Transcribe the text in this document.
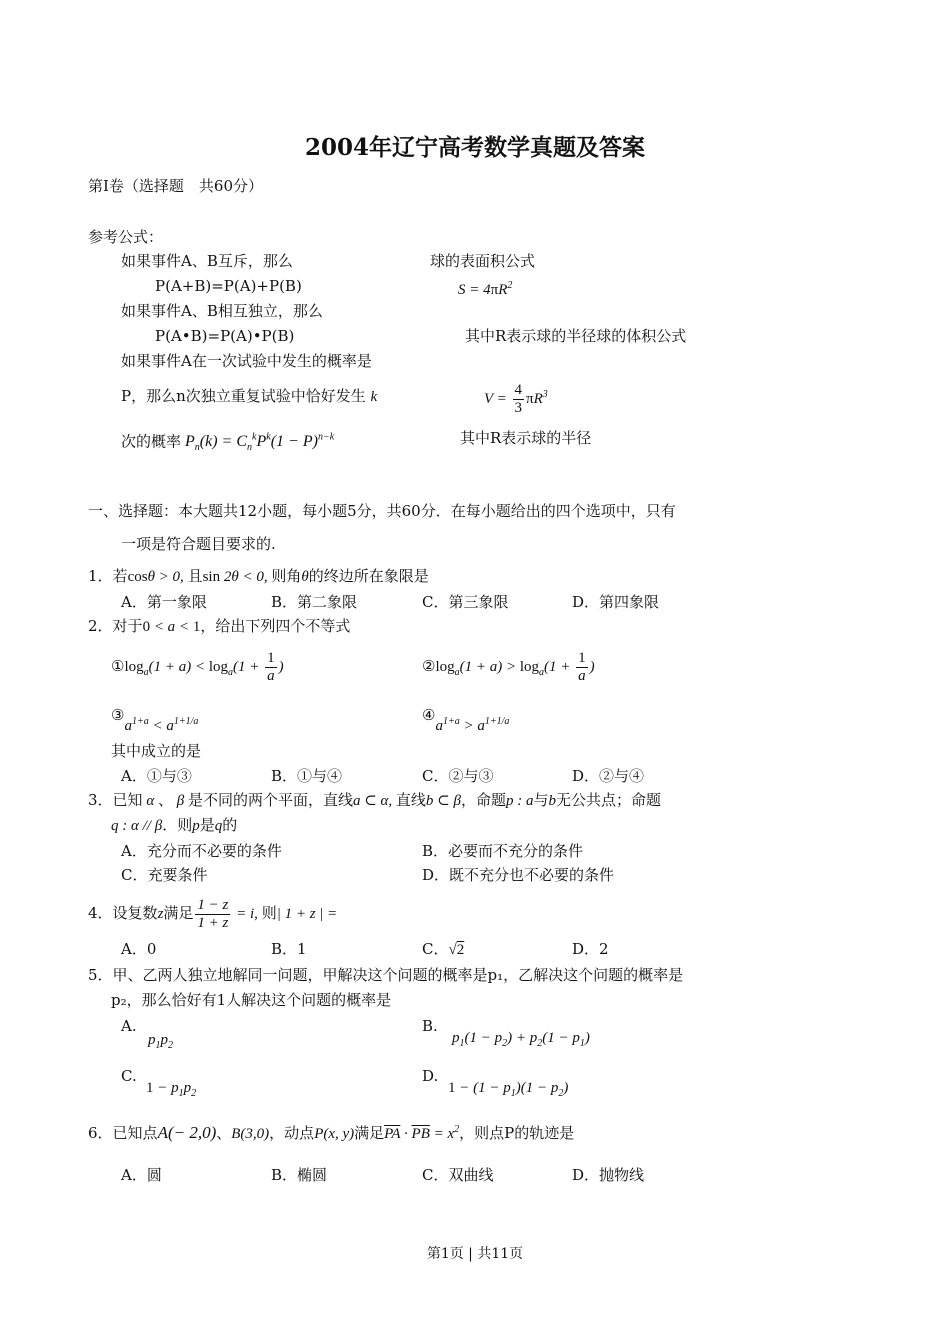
2004年辽宁高考数学真题及答案
第Ⅰ卷（选择题　共60分）
参考公式：
如果事件A、B互斥，那么	球的表面积公式
P(A+B)=P(A)+P(B)	$S = 4\pi R^2$
如果事件A、B相互独立，那么
P(A•B)=P(A)•P(B)	其中R表示球的半径球的体积公式
如果事件A在一次试验中发生的概率是
P，那么n次独立重复试验中恰好发生 k	$V = \frac{4}{3} \pi R^3$
次的概率 $P_n(k) = C_n^kP^k(1 - P)^{n-k}$	其中R表示球的半径
一、选择题：本大题共12小题，每小题5分，共60分．在每小题给出的四个选项中，只有
一项是符合题目要求的.
1．若cosθ > 0, 且sin 2θ < 0, 则角θ的终边所在象限是
A．第一象限	B．第二象限	C．第三象限	D．第四象限
2．对于0 < a < 1，给出下列四个不等式
$①\log_a(1 + a) < \log_a(1 + \frac{1}{a}$ )	$②\log_a(1 + a) > \log_a(1 + \frac{1}{a}$ )
$③a^{1+a} < a^{1+1/a}$	$④a^{1+a} > a^{1+1/a}$
其中成立的是
A．①与③	B．①与④	C．②与③	D．②与④
3．已知 α 、 β 是不同的两个平面，直线a ⊂ α, 直线b ⊂ β，命题p : a与b无公共点；命题
q : α // β．则p是q的
A．充分而不必要的条件	B．必要而不充分的条件
C．充要条件	D．既不充分也不必要的条件
4．设复数z满足 $\frac{1 - z}{1 + z} = i$, 则| 1 + z | =
A．0	B．1	C．√2	D．2
5．甲、乙两人独立地解同一问题，甲解决这个问题的概率是p₁，乙解决这个问题的概率是
p₂，那么恰好有1人解决这个问题的概率是
A.
$p_1p_2$
B.
$p_1(1 - p_2) + p_2(1 - p_1)$
C.
$1 - p_1p_2$
D.
$1 - (1 - p_1)(1 - p_2)$
6．已知点A(− 2,0)、B(3,0)，动点P(x, y)满足$\overline{PA} \cdot \overline{PB} = x^2$，则点P的轨迹是
A．圆	B．椭圆	C．双曲线	D．抛物线
第1页 | 共11页
